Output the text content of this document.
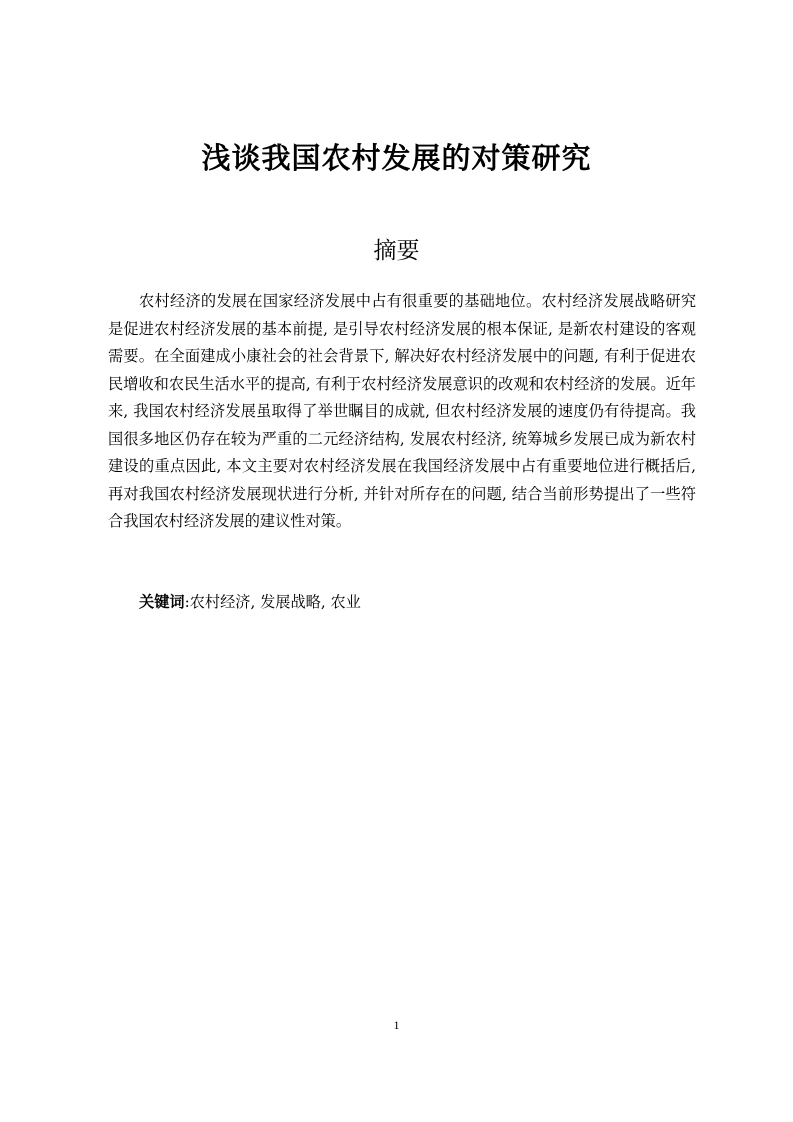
浅谈我国农村发展的对策研究
摘要

农村经济的发展在国家经济发展中占有很重要的基础地位。农村经济发展战略研究是促进农村经济发展的基本前提, 是引导农村经济发展的根本保证, 是新农村建设的客观需要。在全面建成小康社会的社会背景下, 解决好农村经济发展中的问题, 有利于促进农民增收和农民生活水平的提高, 有利于农村经济发展意识的改观和农村经济的发展。近年来, 我国农村经济发展虽取得了举世瞩目的成就, 但农村经济发展的速度仍有待提高。我国很多地区仍存在较为严重的二元经济结构, 发展农村经济, 统筹城乡发展已成为新农村建设的重点因此, 本文主要对农村经济发展在我国经济发展中占有重要地位进行概括后, 再对我国农村经济发展现状进行分析, 并针对所存在的问题, 结合当前形势提出了一些符合我国农村经济发展的建议性对策。

关键词:农村经济, 发展战略, 农业
1
